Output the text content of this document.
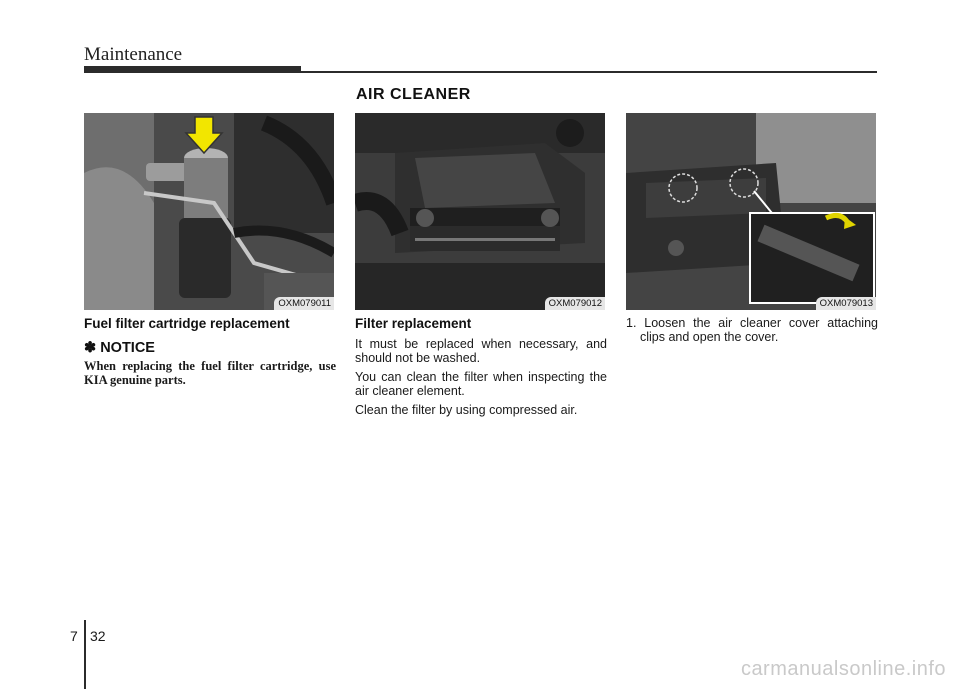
Maintenance
AIR CLEANER
OXM079011	OXM079012	OXM079013
Fuel filter cartridge replacement
✽ NOTICE
When replacing the fuel filter cartridge, use KIA genuine parts.
Filter replacement

It must be replaced when necessary, and should not be washed.

You can clean the filter when inspecting the air cleaner element.

Clean the filter by using compressed air.

1. Loosen the air cleaner cover attaching clips and open the cover.
7 32
carmanualsonline.info
